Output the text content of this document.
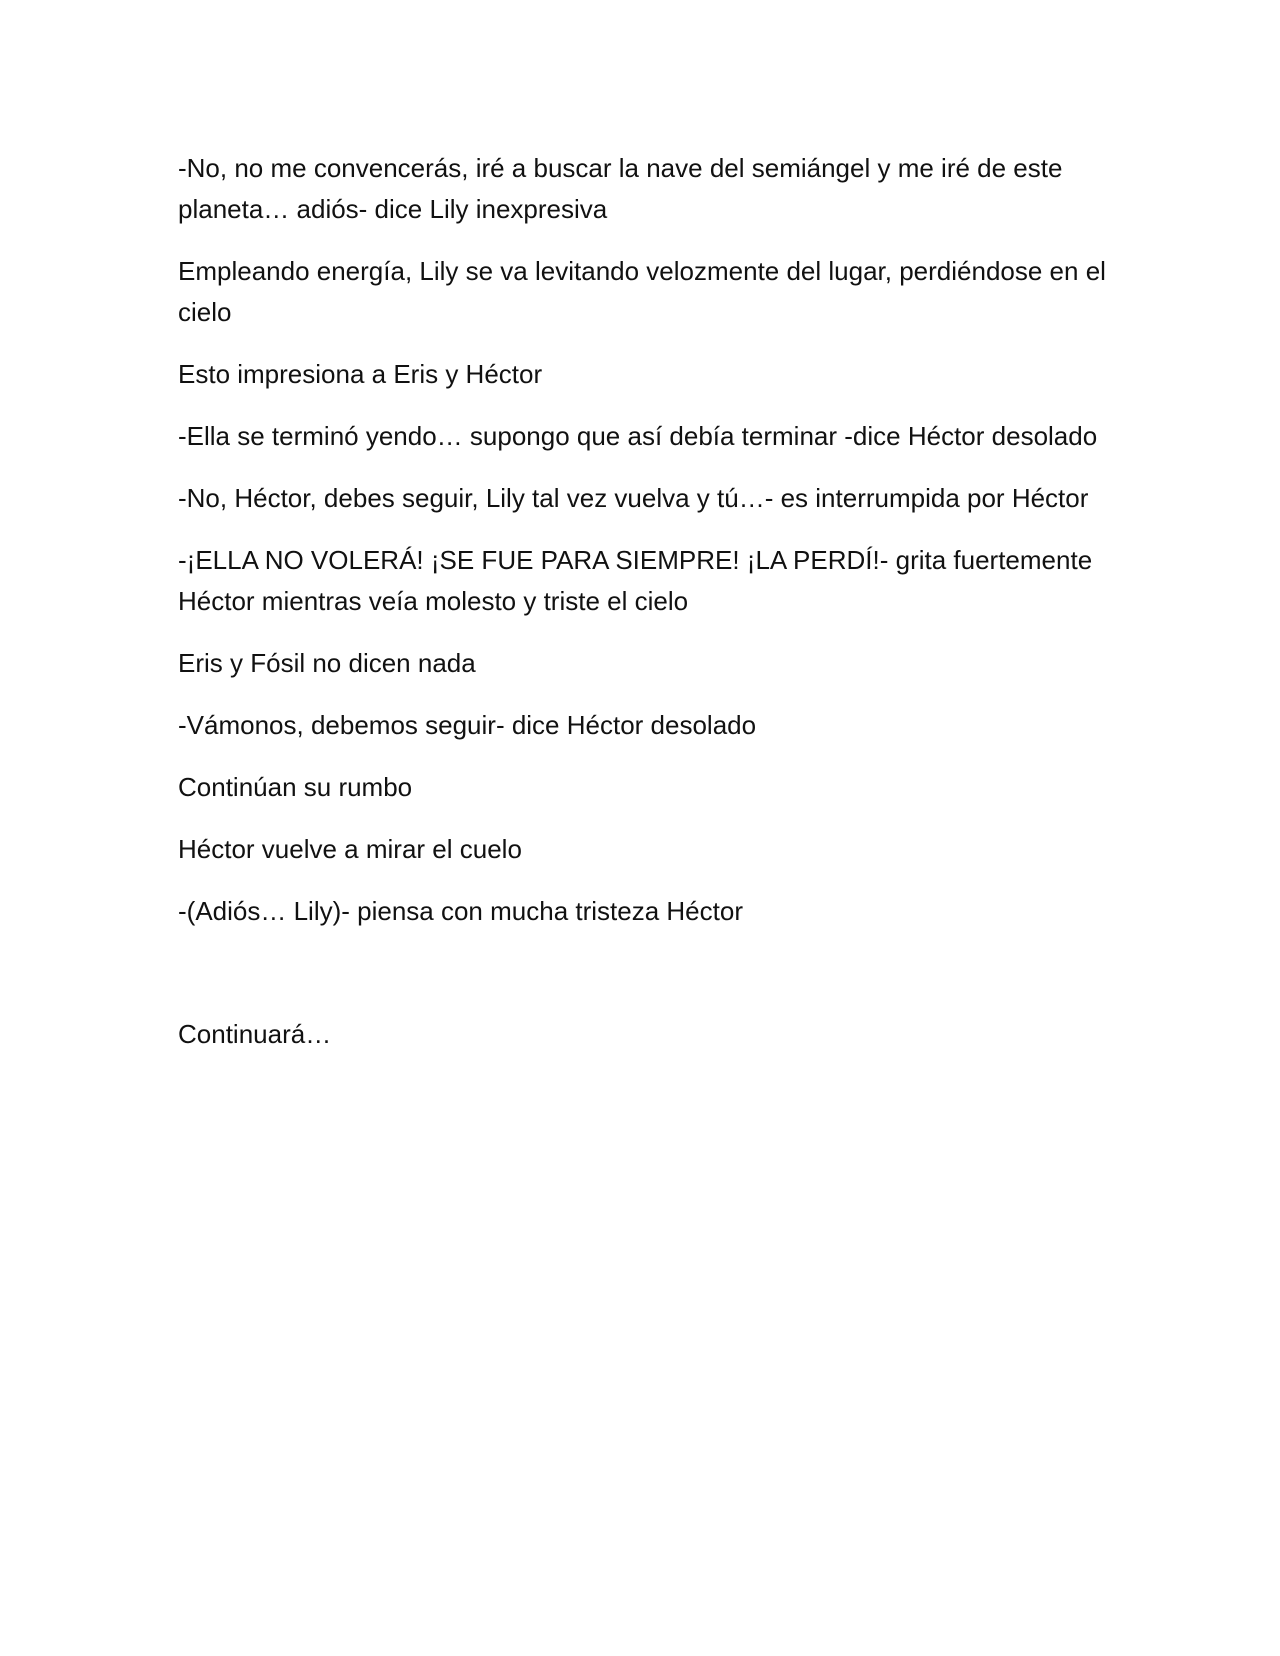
-No, no me convencerás, iré a buscar la nave del semiángel y me iré de este planeta… adiós- dice Lily inexpresiva

Empleando energía, Lily se va levitando velozmente del lugar, perdiéndose en el cielo

Esto impresiona a Eris y Héctor

-Ella se terminó yendo… supongo que así debía terminar -dice Héctor desolado

-No, Héctor, debes seguir, Lily tal vez vuelva y tú…- es interrumpida por Héctor

-¡ELLA NO VOLERÁ! ¡SE FUE PARA SIEMPRE! ¡LA PERDÍ!- grita fuertemente Héctor mientras veía molesto y triste el cielo

Eris y Fósil no dicen nada

-Vámonos, debemos seguir- dice Héctor desolado

Continúan su rumbo

Héctor vuelve a mirar el cuelo

-(Adiós… Lily)- piensa con mucha tristeza Héctor

Continuará…
